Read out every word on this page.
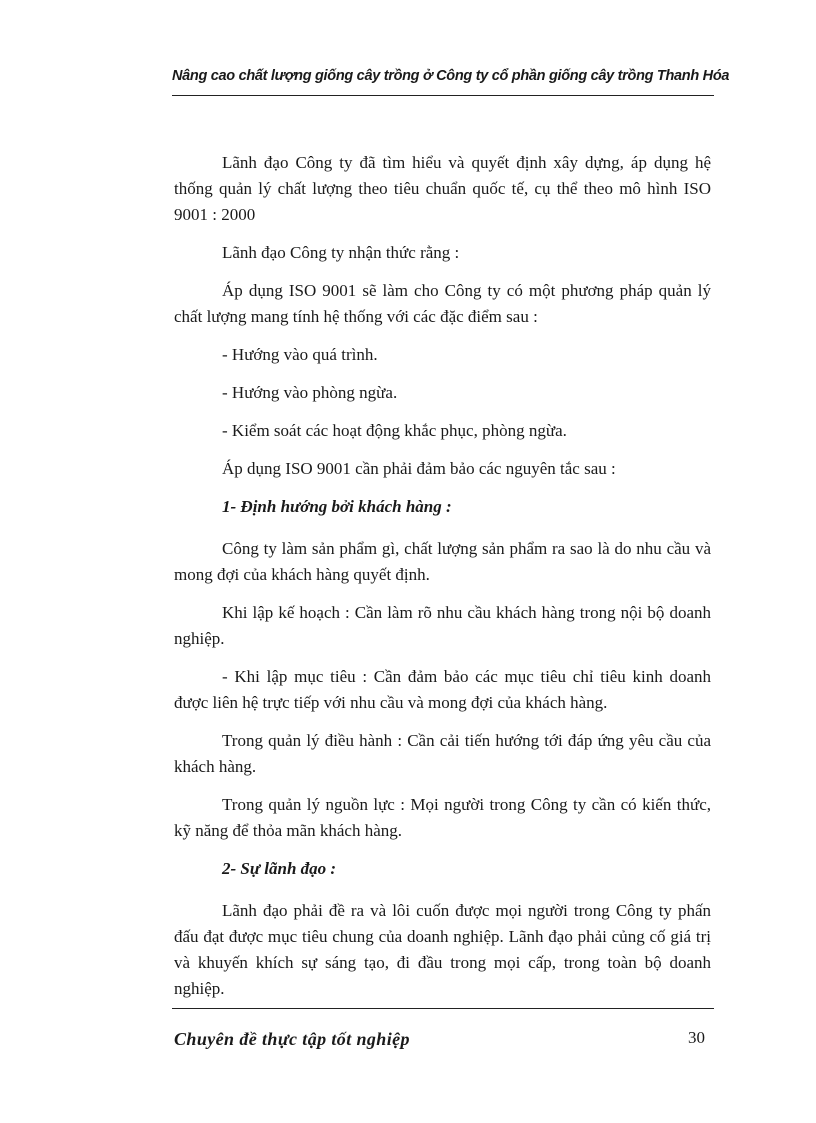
Nâng cao chất lượng giống cây trồng ở Công ty cổ phần giống cây trồng Thanh Hóa

Lãnh đạo Công ty đã tìm hiểu và quyết định xây dựng, áp dụng hệ thống quản lý chất lượng theo tiêu chuẩn quốc tế, cụ thể theo mô hình ISO 9001 : 2000

Lãnh đạo Công ty nhận thức rằng :

Áp dụng ISO 9001 sẽ làm cho Công ty có một phương pháp quản lý chất lượng mang tính hệ thống với các đặc điểm sau :

- Hướng vào quá trình.

- Hướng vào phòng ngừa.

- Kiểm soát các hoạt động khắc phục, phòng ngừa.

Áp dụng ISO 9001 cần phải đảm bảo các nguyên tắc sau :

1- Định hướng bởi khách hàng :

Công ty làm sản phẩm gì, chất lượng sản phẩm ra sao là do nhu cầu và mong đợi của khách hàng quyết định.

Khi lập kế hoạch : Cần làm rõ nhu cầu khách hàng trong nội bộ doanh nghiệp.

- Khi lập mục tiêu : Cần đảm bảo các mục tiêu chỉ tiêu kinh doanh được liên hệ trực tiếp với nhu cầu và mong đợi của khách hàng.

Trong quản lý điều hành : Cần cải tiến hướng tới đáp ứng yêu cầu của khách hàng.

Trong quản lý nguồn lực : Mọi người trong Công ty cần có kiến thức, kỹ năng để thỏa mãn khách hàng.

2- Sự lãnh đạo :

Lãnh đạo phải đề ra và lôi cuốn được mọi người trong Công ty phấn đấu đạt được mục tiêu chung của doanh nghiệp. Lãnh đạo phải củng cố giá trị và khuyến khích sự sáng tạo, đi đầu trong mọi cấp, trong toàn bộ doanh nghiệp.

Chuyên đề thực tập tốt nghiệp	30
